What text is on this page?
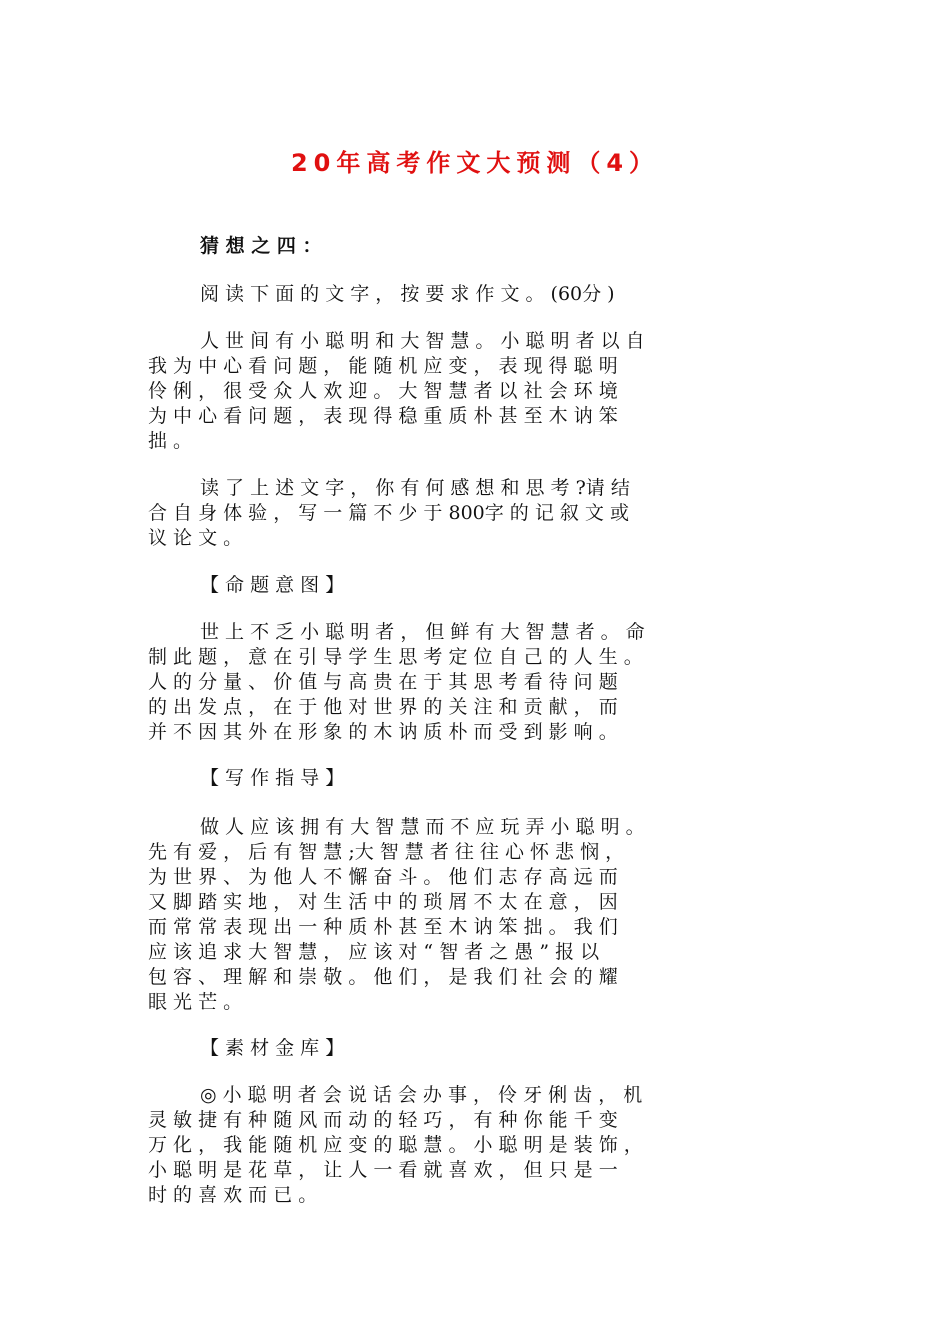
20年高考作文大预测（4）
猜 想 之 四 ：
阅 读 下 面 的 文 字 ， 按 要 求 作 文 。 (60分 )
人 世 间 有 小 聪 明 和 大 智 慧 。 小 聪 明 者 以 自
我 为 中 心 看 问 题 ， 能 随 机 应 变 ， 表 现 得 聪 明
伶 俐 ， 很 受 众 人 欢 迎 。 大 智 慧 者 以 社 会 环 境
为 中 心 看 问 题 ， 表 现 得 稳 重 质 朴 甚 至 木 讷 笨
拙 。
读 了 上 述 文 字 ， 你 有 何 感 想 和 思 考 ?请 结
合 自 身 体 验 ， 写 一 篇 不 少 于 800字 的 记 叙 文 或
议 论 文 。
【 命 题 意 图 】
世 上 不 乏 小 聪 明 者 ， 但 鲜 有 大 智 慧 者 。 命
制 此 题 ， 意 在 引 导 学 生 思 考 定 位 自 己 的 人 生 。
人 的 分 量 、 价 值 与 高 贵 在 于 其 思 考 看 待 问 题
的 出 发 点 ， 在 于 他 对 世 界 的 关 注 和 贡 献 ， 而
并 不 因 其 外 在 形 象 的 木 讷 质 朴 而 受 到 影 响 。
【 写 作 指 导 】
做 人 应 该 拥 有 大 智 慧 而 不 应 玩 弄 小 聪 明 。
先 有 爱 ， 后 有 智 慧 ;大 智 慧 者 往 往 心 怀 悲 悯 ，
为 世 界 、 为 他 人 不 懈 奋 斗 。 他 们 志 存 高 远 而
又 脚 踏 实 地 ， 对 生 活 中 的 琐 屑 不 太 在 意 ， 因
而 常 常 表 现 出 一 种 质 朴 甚 至 木 讷 笨 拙 。 我 们
应 该 追 求 大 智 慧 ， 应 该 对 “ 智 者 之 愚 ” 报 以
包 容 、 理 解 和 崇 敬 。 他 们 ， 是 我 们 社 会 的 耀
眼 光 芒 。
【 素 材 金 库 】
◎ 小 聪 明 者 会 说 话 会 办 事 ， 伶 牙 俐 齿 ， 机
灵 敏 捷 有 种 随 风 而 动 的 轻 巧 ， 有 种 你 能 千 变
万 化 ， 我 能 随 机 应 变 的 聪 慧 。 小 聪 明 是 装 饰 ，
小 聪 明 是 花 草 ， 让 人 一 看 就 喜 欢 ， 但 只 是 一
时 的 喜 欢 而 已 。
